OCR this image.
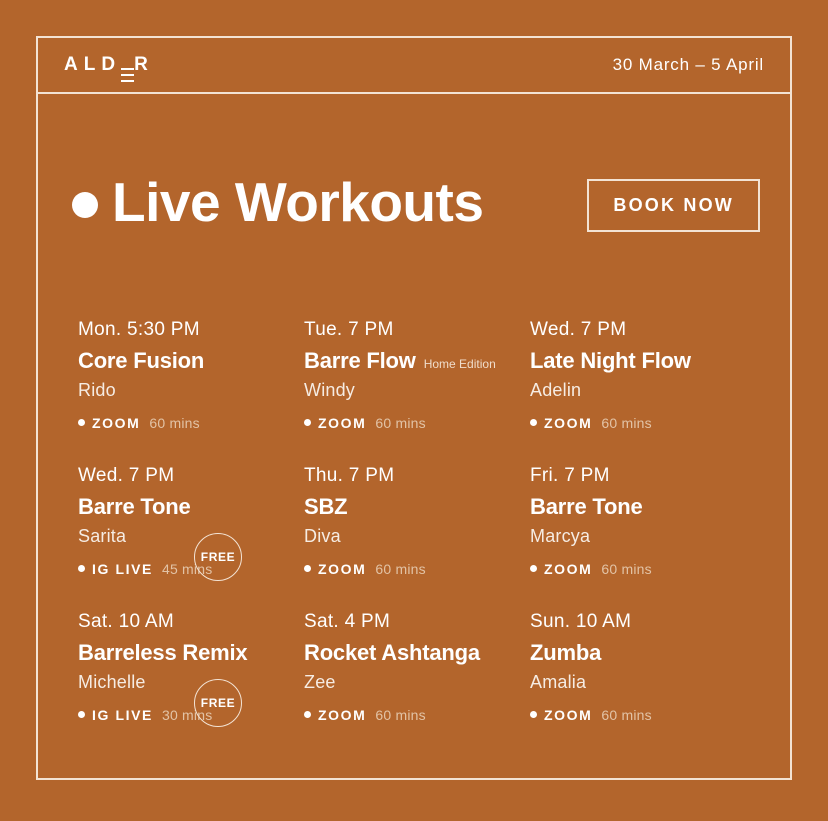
A L D R	30 March – 5 April
Live Workouts	BOOK NOW
Mon. 5:30 PM
Core Fusion
Rido
ZOOM 60 mins
Tue. 7 PM
Barre Flow Home Edition
Windy
ZOOM 60 mins
Wed. 7 PM
Late Night Flow
Adelin
ZOOM 60 mins
Wed. 7 PM
Barre Tone
Sarita
IG LIVE 45 mins
FREE
Thu. 7 PM
SBZ
Diva
ZOOM 60 mins
Fri. 7 PM
Barre Tone
Marcya
ZOOM 60 mins
Sat. 10 AM
Barreless Remix
Michelle
IG LIVE 30 mins
FREE
Sat. 4 PM
Rocket Ashtanga
Zee
ZOOM 60 mins
Sun. 10 AM
Zumba
Amalia
ZOOM 60 mins
